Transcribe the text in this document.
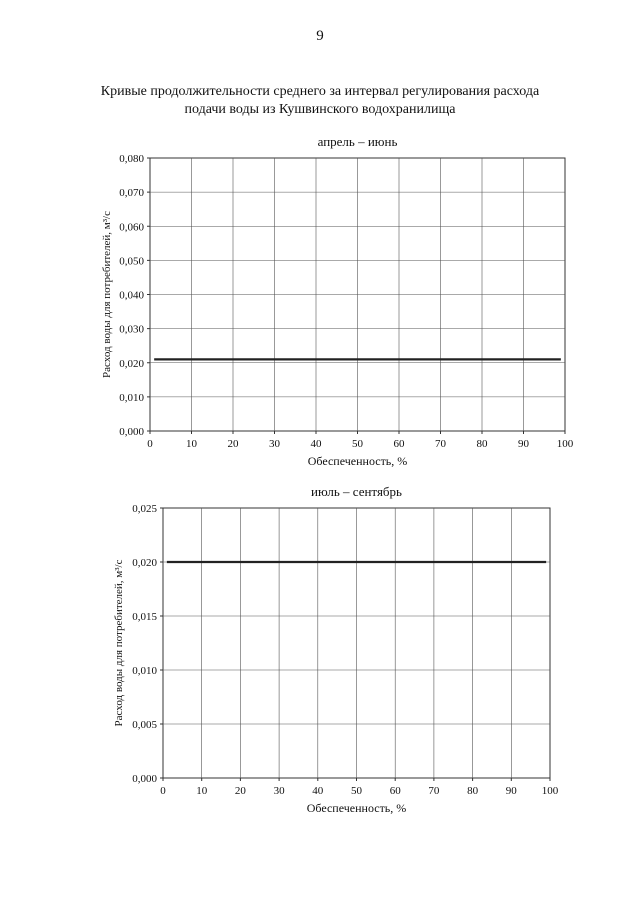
9
Кривые продолжительности среднего за интервал регулирования расхода
подачи воды из Кушвинского водохранилища
апрель – июнь
0	10	20	30	40	50	60	70	80	90	100
0,000
0,010
0,020
0,030
0,040
0,050
0,060
0,070
0,080
Обеспеченность, %
Расход воды для потребителей, м³/с
июль – сентябрь
0	10	20	30	40	50	60	70	80	90 100
0,000
0,005
0,010
0,015
0,020
0,025
Обеспеченность, %
Расход воды для потребителей, м³/с
